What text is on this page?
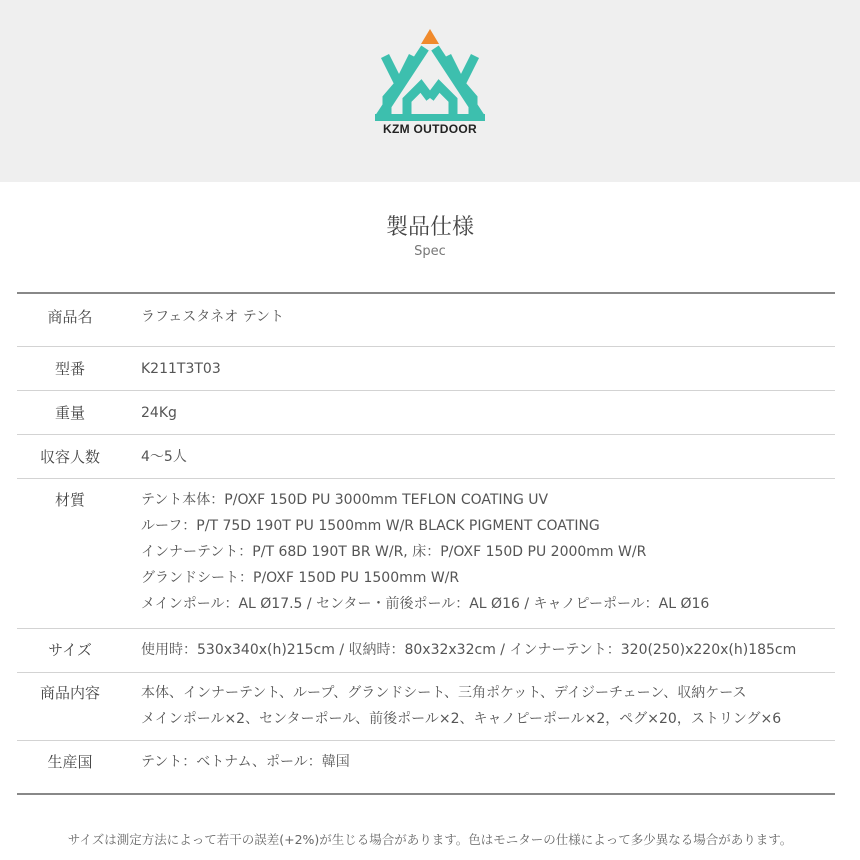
KZM OUTDOOR
製品仕様
Spec
商品名	ラフェスタネオ テント
型番	K211T3T03
重量	24Kg
収容人数	4〜5人
材質	テント本体：P/OXF 150D PU 3000mm TEFLON COATING UV
ルーフ：P/T 75D 190T PU 1500mm W/R BLACK PIGMENT COATING
インナーテント：P/T 68D 190T BR W/R, 床：P/OXF 150D PU 2000mm W/R
グランドシート：P/OXF 150D PU 1500mm W/R
メインポール：AL Ø17.5 / センター・前後ポール：AL Ø16 / キャノピーポール：AL Ø16
サイズ	使用時：530x340x(h)215cm / 収納時：80x32x32cm / インナーテント：320(250)x220x(h)185cm
商品内容	本体、インナーテント、ループ、グランドシート、三角ポケット、デイジーチェーン、収納ケース
メインポール×2、センターポール、前後ポール×2、キャノピーポール×2，ペグ×20，ストリング×6
生産国	テント：ベトナム、ポール：韓国
サイズは測定方法によって若干の誤差(+2%)が生じる場合があります。色はモニターの仕様によって多少異なる場合があります。
